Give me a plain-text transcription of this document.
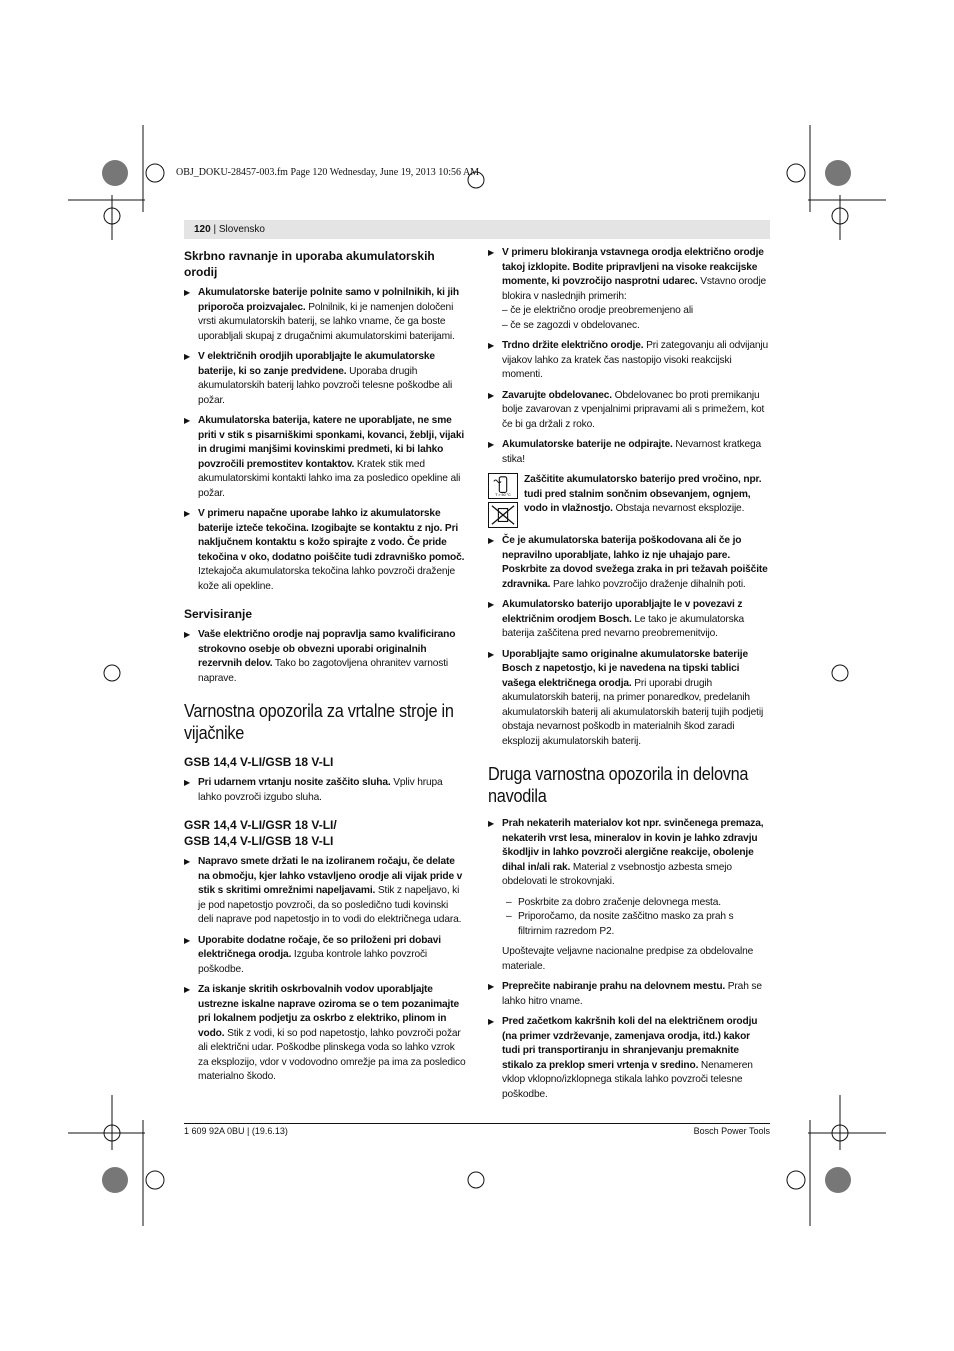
OBJ_DOKU-28457-003.fm Page 120 Wednesday, June 19, 2013 10:56 AM
120 | Slovensko
Skrbno ravnanje in uporaba akumulatorskih orodij
▶ Akumulatorske baterije polnite samo v polnilnikih, ki jih priporoča proizvajalec. Polnilnik, ki je namenjen določeni vrsti akumulatorskih baterij, se lahko vname, če ga boste uporabljali skupaj z drugačnimi akumulatorskimi baterijami.
▶ V električnih orodjih uporabljajte le akumulatorske baterije, ki so zanje predvidene. Uporaba drugih akumulatorskih baterij lahko povzroči telesne poškodbe ali požar.
▶ Akumulatorska baterija, katere ne uporabljate, ne sme priti v stik s pisarniškimi sponkami, kovanci, žeblji, vijaki in drugimi manjšimi kovinskimi predmeti, ki bi lahko povzročili premostitev kontaktov. Kratek stik med akumulatorskimi kontakti lahko ima za posledico opekline ali požar.
▶ V primeru napačne uporabe lahko iz akumulatorske baterije izteče tekočina. Izogibajte se kontaktu z njo. Pri naključnem kontaktu s kožo spirajte z vodo. Če pride tekočina v oko, dodatno poiščite tudi zdravniško pomoč. Iztekajoča akumulatorska tekočina lahko povzroči draženje kože ali opekline.
Servisiranje
▶ Vaše električno orodje naj popravlja samo kvalificirano strokovno osebje ob obvezni uporabi originalnih rezervnih delov. Tako bo zagotovljena ohranitev varnosti naprave.
Varnostna opozorila za vrtalne stroje in vijačnike
GSB 14,4 V-LI/GSB 18 V-LI
▶ Pri udarnem vrtanju nosite zaščito sluha. Vpliv hrupa lahko povzroči izgubo sluha.
GSR 14,4 V-LI/GSR 18 V-LI/
GSB 14,4 V-LI/GSB 18 V-LI
▶ Napravo smete držati le na izoliranem ročaju, če delate na območju, kjer lahko vstavljeno orodje ali vijak pride v stik s skritimi omrežnimi napeljavami. Stik z napeljavo, ki je pod napetostjo povzroči, da so posledično tudi kovinski deli naprave pod napetostjo in to vodi do električnega udara.
▶ Uporabite dodatne ročaje, če so priloženi pri dobavi električnega orodja. Izguba kontrole lahko povzroči poškodbe.
▶ Za iskanje skritih oskrbovalnih vodov uporabljajte ustrezne iskalne naprave oziroma se o tem pozanimajte pri lokalnem podjetju za oskrbo z elektriko, plinom in vodo. Stik z vodi, ki so pod napetostjo, lahko povzroči požar ali električni udar. Poškodbe plinskega voda so lahko vzrok za eksplozijo, vdor v vodovodno omrežje pa ima za posledico materialno škodo.
▶ V primeru blokiranja vstavnega orodja električno orodje takoj izklopite. Bodite pripravljeni na visoke reakcijske momente, ki povzročijo nasprotni udarec. Vstavno orodje blokira v naslednjih primerih:
– če je električno orodje preobremenjeno ali
– če se zagozdi v obdelovanec.
▶ Trdno držite električno orodje. Pri zategovanju ali odvijanju vijakov lahko za kratek čas nastopijo visoki reakcijski momenti.
▶ Zavarujte obdelovanec. Obdelovanec bo proti premikanju bolje zavarovan z vpenjalnimi pripravami ali s primežem, kot če bi ga držali z roko.
▶ Akumulatorske baterije ne odpirajte. Nevarnost kratkega stika!
T > 50 °C
Zaščitite akumulatorsko baterijo pred vročino, npr. tudi pred stalnim sončnim obsevanjem, ognjem, vodo in vlažnostjo. Obstaja nevarnost eksplozije.
▶ Če je akumulatorska baterija poškodovana ali če jo nepravilno uporabljate, lahko iz nje uhajajo pare. Poskrbite za dovod svežega zraka in pri težavah poiščite zdravnika. Pare lahko povzročijo draženje dihalnih poti.
▶ Akumulatorsko baterijo uporabljajte le v povezavi z električnim orodjem Bosch. Le tako je akumulatorska baterija zaščitena pred nevarno preobremenitvijo.
▶ Uporabljajte samo originalne akumulatorske baterije Bosch z napetostjo, ki je navedena na tipski tablici vašega električnega orodja. Pri uporabi drugih akumulatorskih baterij, na primer ponaredkov, predelanih akumulatorskih baterij ali akumulatorskih baterij tujih podjetij obstaja nevarnost poškodb in materialnih škod zaradi eksplozij akumulatorskih baterij.
Druga varnostna opozorila in delovna navodila
▶ Prah nekaterih materialov kot npr. svinčenega premaza, nekaterih vrst lesa, mineralov in kovin je lahko zdravju škodljiv in lahko povzroči alergične reakcije, obolenje dihal in/ali rak. Material z vsebnostjo azbesta smejo obdelovati le strokovnjaki.
– Poskrbite za dobro zračenje delovnega mesta.
– Priporočamo, da nosite zaščitno masko za prah s filtrirnim razredom P2.
Upoštevajte veljavne nacionalne predpise za obdelovalne materiale.
▶ Preprečite nabiranje prahu na delovnem mestu. Prah se lahko hitro vname.
▶ Pred začetkom kakršnih koli del na električnem orodju (na primer vzdrževanje, zamenjava orodja, itd.) kakor tudi pri transportiranju in shranjevanju premaknite stikalo za preklop smeri vrtenja v sredino. Nenameren vklop vklopno/izklopnega stikala lahko povzroči telesne poškodbe.
1 609 92A 0BU | (19.6.13)	Bosch Power Tools
